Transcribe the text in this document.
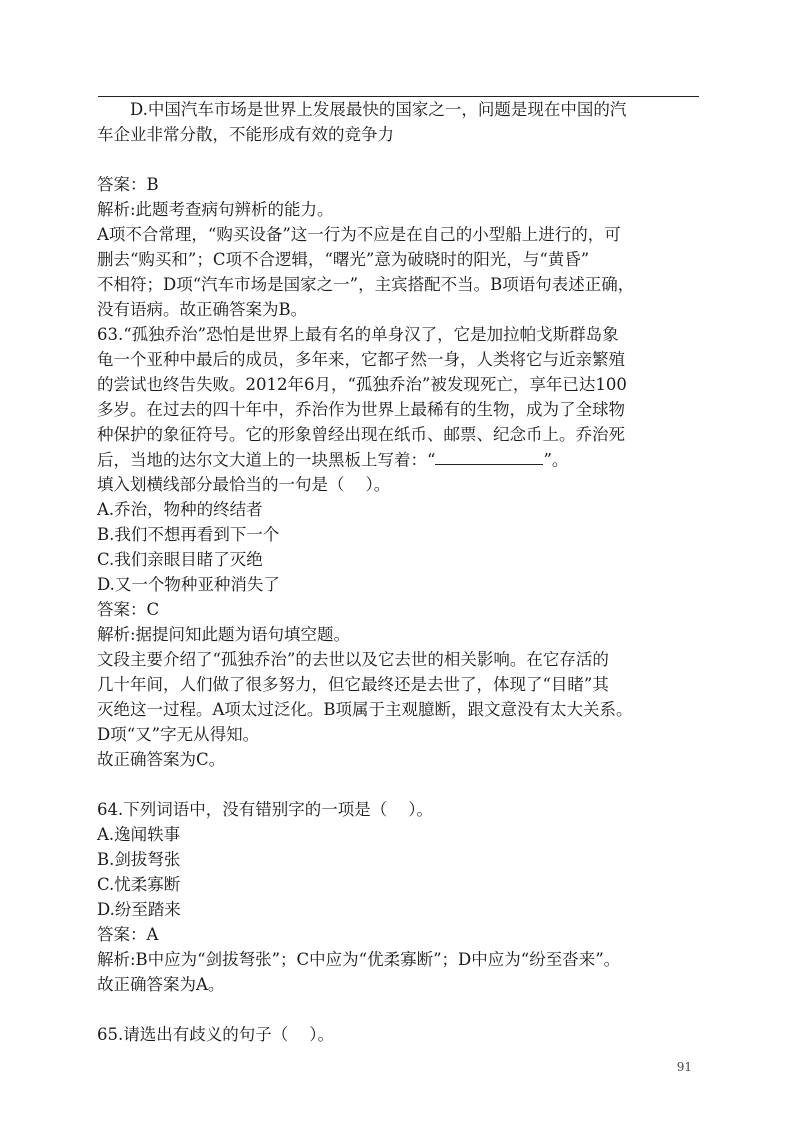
D.中国汽车市场是世界上发展最快的国家之一，问题是现在中国的汽

车企业非常分散，不能形成有效的竞争力

答案：B

解析:此题考查病句辨析的能力。

A项不合常理，“购买设备”这一行为不应是在自己的小型船上进行的，可

删去“购买和”；C项不合逻辑，“曙光”意为破晓时的阳光，与“黄昏”

不相符；D项“汽车市场是国家之一”，主宾搭配不当。B项语句表述正确，

没有语病。故正确答案为B。

63.“孤独乔治”恐怕是世界上最有名的单身汉了，它是加拉帕戈斯群岛象

龟一个亚种中最后的成员，多年来，它都孑然一身，人类将它与近亲繁殖

的尝试也终告失败。2012年6月，“孤独乔治”被发现死亡，享年已达100

多岁。在过去的四十年中，乔治作为世界上最稀有的生物，成为了全球物

种保护的象征符号。它的形象曾经出现在纸币、邮票、纪念币上。乔治死

后，当地的达尔文大道上的一块黑板上写着：“	”。

填入划横线部分最恰当的一句是（    ）。

A.乔治，物种的终结者

B.我们不想再看到下一个

C.我们亲眼目睹了灭绝

D.又一个物种亚种消失了

答案：C

解析:据提问知此题为语句填空题。

文段主要介绍了“孤独乔治”的去世以及它去世的相关影响。在它存活的

几十年间，人们做了很多努力，但它最终还是去世了，体现了“目睹”其

灭绝这一过程。A项太过泛化。B项属于主观臆断，跟文意没有太大关系。

D项“又”字无从得知。

故正确答案为C。

64.下列词语中，没有错别字的一项是（    ）。

A.逸闻轶事

B.剑拔弩张

C.忧柔寡断

D.纷至踏来

答案：A

解析:B中应为“剑拔弩张”；C中应为“优柔寡断”；D中应为“纷至沓来”。

故正确答案为A。

65.请选出有歧义的句子（    ）。

91
